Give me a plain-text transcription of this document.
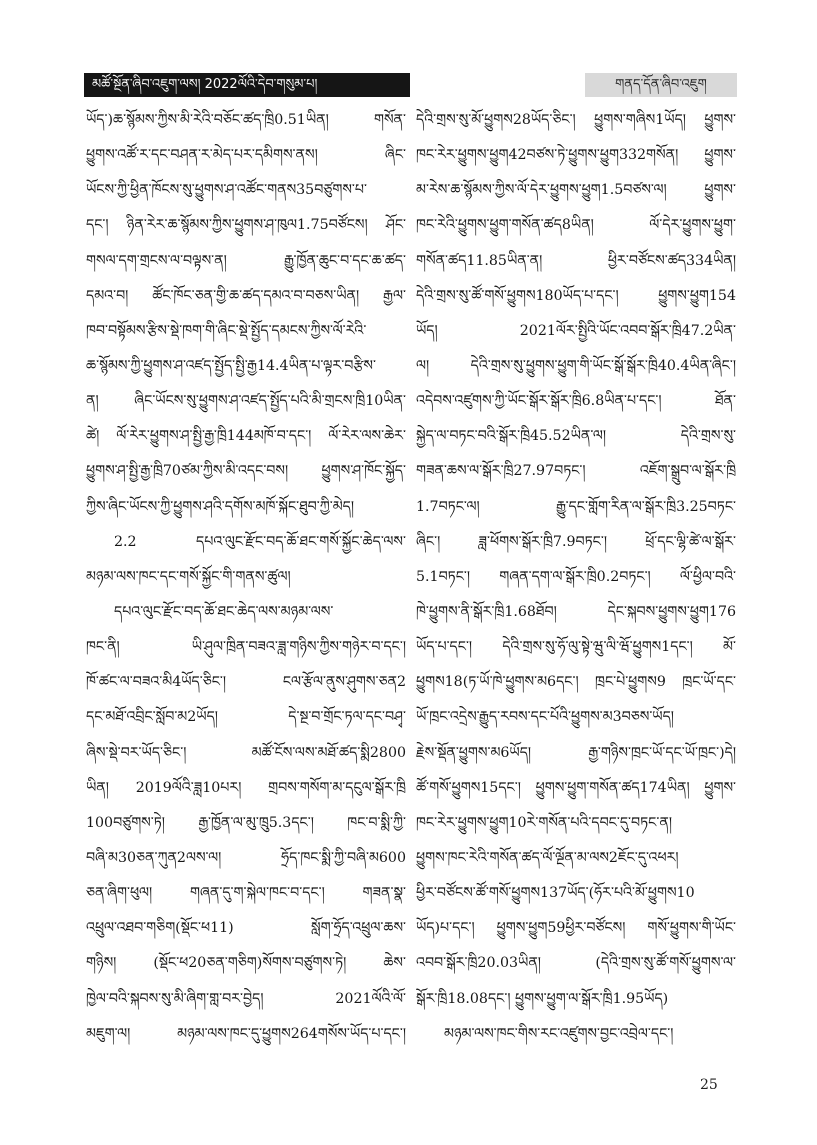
མཚོ་སྔོན་ཞིབ་འཇུག་ལས། 2022ལོའི་དེབ་གསུམ་པ།	གནད་དོན་ཞིབ་འཇུག
ཡོད་)ཆ་སྙོམས་ཀྱིས་མི་རེའི་བཅོང་ཚད་ཁྲི0.51ཡིན། གསོན་
ཕྱུགས་འཚོ་ར་དང་བཤན་ར་མེད་པར་དམིགས་ནས། ཞིང་
ཡོངས་ཀྱི་ཕྱིན་ཁོངས་སུ་ཕྱུགས་ཤ་འཚོང་གནས35བཙུགས་པ་
དང་། ཉིན་རེར་ཆ་སྙོམས་ཀྱིས་ཕྱུགས་ཤ་ཁུལ1.75བཙོངས། ཤོང་
གསལ་དག་གྲངས་ལ་བལྟས་ན། རྒྱུ་ཁྱོན་ཆུང་བ་དང་ཆ་ཚད་
དམའ་བ། ཚོང་ཁོང་ཅན་གྱི་ཆ་ཚད་དམའ་བ་བཅས་ཡིན། རྒྱལ་
ཁབ་བསྟོམས་རྩིས་སྡེ་ཁག་གི་ཞིང་སྡེ་སྤྱོད་དམངས་ཀྱིས་ལོ་རེའི་
ཆ་སྙོམས་ཀྱི་ཕྱུགས་ཤ་འཛད་སྤྱོད་སྤྱི་རྒྱ14.4ཡིན་པ་ལྟར་བརྩིས་
ན། ཞིང་ཡོངས་སུ་ཕྱུགས་ཤ་འཛད་སྤྱོད་པའི་མི་གྲངས་ཁྲི10ཡིན་
ཚེ། ལོ་རེར་ཕྱུགས་ཤ་སྤྱི་རྒྱ་ཁྲི144མཁོ་བ་དང་། ལོ་རེར་ལས་ཆེར་
ཕྱུགས་ཤ་སྤྱི་རྒྱ་ཁྲི70ཙམ་ཀྱིས་མི་འདང་བས། ཕྱུགས་ཤ་ཁོང་སྐྱོད་
ཀྱིས་ཞིང་ཡོངས་ཀྱི་ཕྱུགས་ཤའི་དགོས་མཁོ་སྐོང་ཐུབ་ཀྱི་མེད།
2.2 དཔའ་ལུང་རྫོང་བད་ཆོ་ཐང་གསོ་སྐྱོང་ཆེད་ལས་
མཉམ་ལས་ཁང་དང་གསོ་སྐྱོང་གི་གནས་ཚུལ།
དཔའ་ལུང་རྫོང་བད་ཆོ་ཐང་ཆེད་ལས་མཉམ་ལས་
ཁང་ནི། ཡི་ཤུལ་ཁྲིན་བཟའ་ཟླ་གཉིས་ཀྱིས་གཉེར་བ་དང་།
ཁོ་ཚང་ལ་བཟའ་མི4ཡོད་ཅིང་། ངལ་རྩོལ་ནུས་ཤུགས་ཅན2
དང་མཐོ་འབྲིང་སློབ་མ2ཡོད། དེ་སྔ་བ་གྲོང་ཏལ་དང་བཤྭ་
ཞིས་སྡེ་བར་ཡོད་ཅིང་། མཚོ་ངོས་ལས་མཐོ་ཚད་སྨི2800
ཡིན། 2019ལོའི་ཟླ10པར། གྲབས་གསོག་མ་དངུལ་སྒོར་ཁྲི
100བཙུགས་ཏེ། རྒྱ་ཁྱོན་ལ་མུ་ཁྲུ5.3དང་། ཁང་བ་སྨི་ཀྱི་
བཞི་མ30ཅན་ཀུན2ལས་ལ། ཧྲོད་ཁང་སྨི་ཀྱི་བཞི་མ600
ཅན་ཞིག་ཕུལ། གཞན་དུ་ག་སྐེལ་ཁང་བ་དང་། གཟན་སྣ་
འཕྲུལ་འཐབ་གཅིག(སྡོང་ཕ11) སློག་ཧྲོད་འཕྲུལ་ཆས་
གཉིས། (སྡོང་ཕ20ཅན་གཅིག)སོགས་བཙུགས་ཏེ། ཆེས་
ཁྱེལ་བའི་སྐབས་སུ་མི་ཞིག་གླ་བར་བྱེད། 2021ལོའི་ལོ་
མཇུག་ལ། མཉམ་ལས་ཁང་དུ་ཕྱུགས264གསོས་ཡོད་པ་དང་།
དེའི་གྲས་སུ་མོ་ཕྱུགས28ཡོད་ཅིང་། ཕྱུགས་གཞིས1ཡོད། ཕྱུགས་
ཁང་རེར་ཕྱུགས་ཕྱུག42བཙས་ཏེ་ཕྱུགས་ཕྱུག332གསོན། ཕྱུགས་
མ་རེས་ཆ་སྙོམས་ཀྱིས་ལོ་དེར་ཕྱུགས་ཕྱུག1.5བཙས་ལ། ཕྱུགས་
ཁང་རེའི་ཕྱུགས་ཕྱུག་གསོན་ཚད8ཡིན། ལོ་དེར་ཕྱུགས་ཕྱུག་
གསོན་ཚད11.85ཡིན་ན། ཕྱིར་བཙོངས་ཚད334ཡིན།
དེའི་གྲས་སུ་ཚོ་གསོ་ཕྱུགས180ཡོད་པ་དང་། ཕྱུགས་ཕྱུག154
ཡོད། 2021ལོར་སྤྱིའི་ཡོང་འབབ་སྒོར་ཁྲི47.2ཡིན་
ལ། དེའི་གྲས་སུ་ཕྱུགས་ཕྱུག་གི་ཡོང་སྒོ་སྒོར་ཁྲི40.4ཡིན་ཞིང་།
འདེབས་འཛུགས་ཀྱི་ཡོང་སྒོར་སྒོར་ཁྲི6.8ཡིན་པ་དང་། ཐོན་
སྐྱེད་ལ་བཏང་བའི་སྒོར་ཁྲི45.52ཡིན་ལ། དེའི་གྲས་སུ་
གཟན་ཆས་ལ་སྒོར་ཁྲི27.97བཏང་། འཇོག་སྒྲུབ་ལ་སྒོར་ཁྲི
1.7བཏང་ལ། རྒྱུ་དང་གློག་རིན་ལ་སྒོར་ཁྲི3.25བཏང་
ཞིང་། ཟླ་ཕོགས་སྒོར་ཁྲི7.9བཏང་། ཕྲོ་དང་ལྷི་ཚེ་ལ་སྒོར་
5.1བཏང་། གཞན་དག་ལ་སྒོར་ཁྲི0.2བཏང་། ལོ་ཕྱིལ་བའི་
ཁེ་ཕྱུགས་ནི་སྒོར་ཁྲི1.68ཐོབ། དེང་སྐབས་ཕྱུགས་ཕྱུག176
ཡོད་པ་དང་། དེའི་གྲས་སུ་ཧོ་ལུ་སྟེ་ཝུ་ལི་ཝོ་ཕྱུགས1དང་། མོ་
ཕྱུགས18(ཏ་ཡོ་ཁེ་ཕྱུགས་མ6དང་། ཁྲང་པེ་ཕྱུགས9 ཁྲང་ཡོ་དང་
ཡོ་ཁྲང་འདྲེས་རྒྱུད་རབས་དང་པོའི་ཕྱུགས་མ3བཅས་ཡོད།
རྗེས་སྡོན་ཕྱུགས་མ6ཡོད། རྒྱ་གཉིས་ཁྲང་ཡོ་དང་ཡོ་ཁྲང་)དེ།
ཚོ་གསོ་ཕྱུགས15དང་། ཕྱུགས་ཕྱུག་གསོན་ཚད174ཡིན། ཕྱུགས་
ཁང་རེར་ཕྱུགས་ཕྱུག10རེ་གསོན་པའི་དབང་དུ་བཏང་ན།
ཕྱུགས་ཁང་རེའི་གསོན་ཚད་ལོ་ལྔོན་མ་ལས2ཇོང་དུ་འཕར།
ཕྱིར་བཙོངས་ཚོ་གསོ་ཕྱུགས137ཡོད་(ཧོར་པའི་མོ་ཕྱུགས10
ཡོད)པ་དང་། ཕྱུགས་ཕྱུག59ཕྱིར་བཙོངས། གསོ་ཕྱུགས་གི་ཡོང་
འབབ་སྒོར་ཁྲི20.03ཡིན། (དེའི་གྲས་སུ་ཚོ་གསོ་ཕྱུགས་ལ་
སྒོར་ཁྲི18.08དང་། ཕྱུགས་ཕྱུག་ལ་སྒོར་ཁྲི1.95ཡོད)
མཉམ་ལས་ཁང་གིས་རང་འཛུགས་བྱང་འབྲེལ་དང་།
25
